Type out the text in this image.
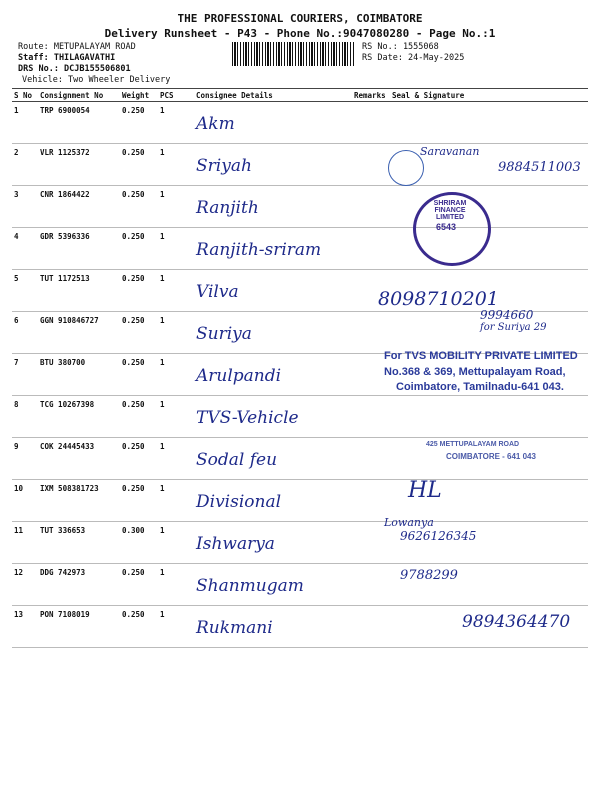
THE PROFESSIONAL COURIERS, COIMBATORE
Delivery Runsheet - P43 - Phone No.:9047080280 - Page No.:1
Route: METUPALAYAM ROAD
Staff: THILAGAVATHI
DRS No.: DCJB155506801
Vehicle: Two Wheeler Delivery
RS No.: 1555068
RS Date: 24-May-2025
S No	Consignment No	Weight	PCS	Consignee Details	Remarks	Seal & Signature
1	TRP 6900054	0.250	1	Akm		
2	VLR 1125372	0.250	1	Sriyah		
3	CNR 1864422	0.250	1	Ranjith		
4	GDR 5396336	0.250	1	Ranjith-sriram		
5	TUT 1172513	0.250	1	Vilva		
6	GGN 910846727	0.250	1	Suriya		
7	BTU 380700	0.250	1	Arulpandi		
8	TCG 10267398	0.250	1	TVS-Vehicle		
9	COK 24445433	0.250	1	Sodal feu		
10	IXM 508381723	0.250	1	Divisional		
11	TUT 336653	0.300	1	Ishwarya		
12	DDG 742973	0.250	1	Shanmugam		
13	PON 7108019	0.250	1	Rukmani		
Saravanan
9884511003
SHRIRAM FINANCE LIMITED
6543
8098710201
9994660
for Suriya 29
For TVS MOBILITY PRIVATE LIMITED
No.368 & 369, Mettupalayam Road,
Coimbatore, Tamilnadu-641 043.
425 METTUPALAYAM ROAD
COIMBATORE - 641 043
HL
Lowanya
9626126345
9788299
9894364470
